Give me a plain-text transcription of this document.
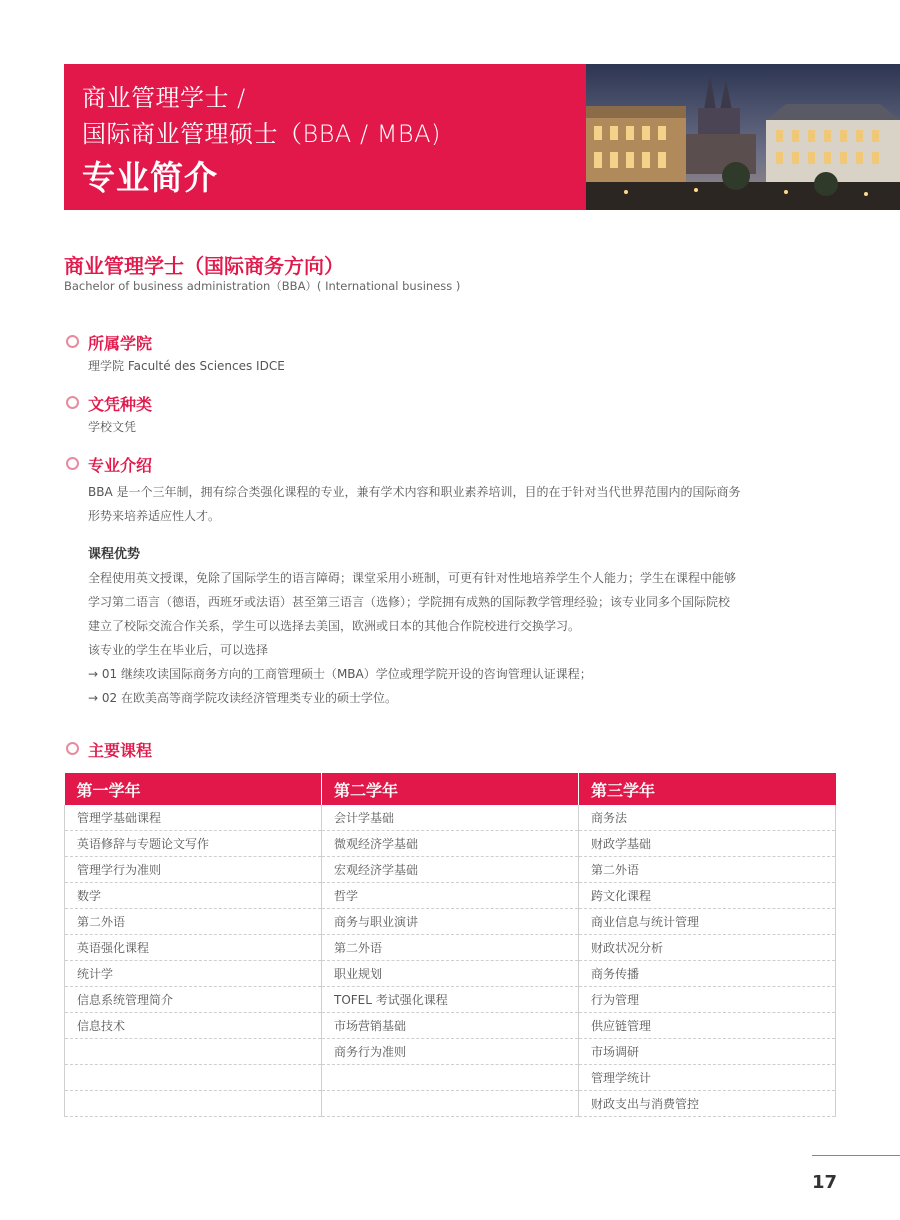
商业管理学士 /
国际商业管理硕士（BBA / MBA)
专业简介
商业管理学士（国际商务方向）
Bachelor of business administration（BBA）( International business )
所属学院
理学院 Faculté des Sciences IDCE
文凭种类
学校文凭
专业介绍
BBA 是一个三年制，拥有综合类强化课程的专业，兼有学术内容和职业素养培训，目的在于针对当代世界范围内的国际商务
形势来培养适应性人才。
课程优势
全程使用英文授课，免除了国际学生的语言障碍；课堂采用小班制，可更有针对性地培养学生个人能力；学生在课程中能够
学习第二语言（德语，西班牙或法语）甚至第三语言（选修）；学院拥有成熟的国际教学管理经验；该专业同多个国际院校
建立了校际交流合作关系，学生可以选择去美国，欧洲或日本的其他合作院校进行交换学习。
该专业的学生在毕业后，可以选择
→ 01 继续攻读国际商务方向的工商管理硕士（MBA）学位或理学院开设的咨询管理认证课程；
→ 02 在欧美高等商学院攻读经济管理类专业的硕士学位。
主要课程
第一学年	第二学年	第三学年
管理学基础课程	会计学基础	商务法
英语修辞与专题论文写作	微观经济学基础	财政学基础
管理学行为准则	宏观经济学基础	第二外语
数学	哲学	跨文化课程
第二外语	商务与职业演讲	商业信息与统计管理
英语强化课程	第二外语	财政状况分析
统计学	职业规划	商务传播
信息系统管理简介	TOFEL 考试强化课程	行为管理
信息技术	市场营销基础	供应链管理
	商务行为准则	市场调研
		管理学统计
		财政支出与消费管控
17
